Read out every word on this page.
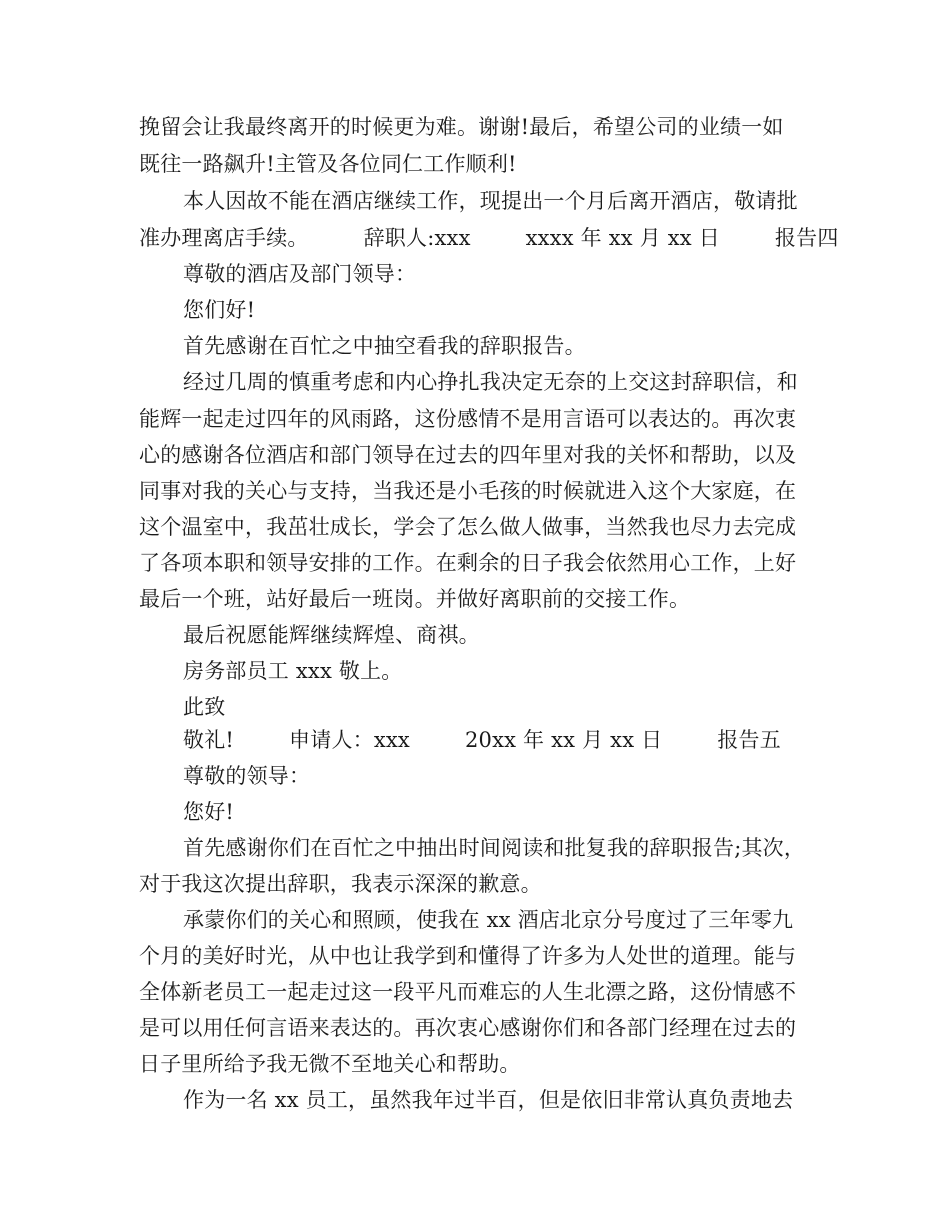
挽留会让我最终离开的时候更为难。谢谢!最后，希望公司的业绩一如
既往一路飙升!主管及各位同仁工作顺利!
本人因故不能在酒店继续工作，现提出一个月后离开酒店，敬请批
准办理离店手续。        辞职人:xxx        xxxx 年 xx 月 xx 日        报告四
尊敬的酒店及部门领导：
您们好!
首先感谢在百忙之中抽空看我的辞职报告。
经过几周的慎重考虑和内心挣扎我决定无奈的上交这封辞职信，和
能辉一起走过四年的风雨路，这份感情不是用言语可以表达的。再次衷
心的感谢各位酒店和部门领导在过去的四年里对我的关怀和帮助，以及
同事对我的关心与支持，当我还是小毛孩的时候就进入这个大家庭，在
这个温室中，我茁壮成长，学会了怎么做人做事，当然我也尽力去完成
了各项本职和领导安排的工作。在剩余的日子我会依然用心工作，上好
最后一个班，站好最后一班岗。并做好离职前的交接工作。
最后祝愿能辉继续辉煌、商祺。
房务部员工 xxx 敬上。
此致
敬礼!        申请人：xxx        20xx 年 xx 月 xx 日        报告五
尊敬的领导：
您好!
首先感谢你们在百忙之中抽出时间阅读和批复我的辞职报告;其次，
对于我这次提出辞职，我表示深深的歉意。
承蒙你们的关心和照顾，使我在 xx 酒店北京分号度过了三年零九
个月的美好时光，从中也让我学到和懂得了许多为人处世的道理。能与
全体新老员工一起走过这一段平凡而难忘的人生北漂之路，这份情感不
是可以用任何言语来表达的。再次衷心感谢你们和各部门经理在过去的
日子里所给予我无微不至地关心和帮助。
作为一名 xx 员工，虽然我年过半百，但是依旧非常认真负责地去
